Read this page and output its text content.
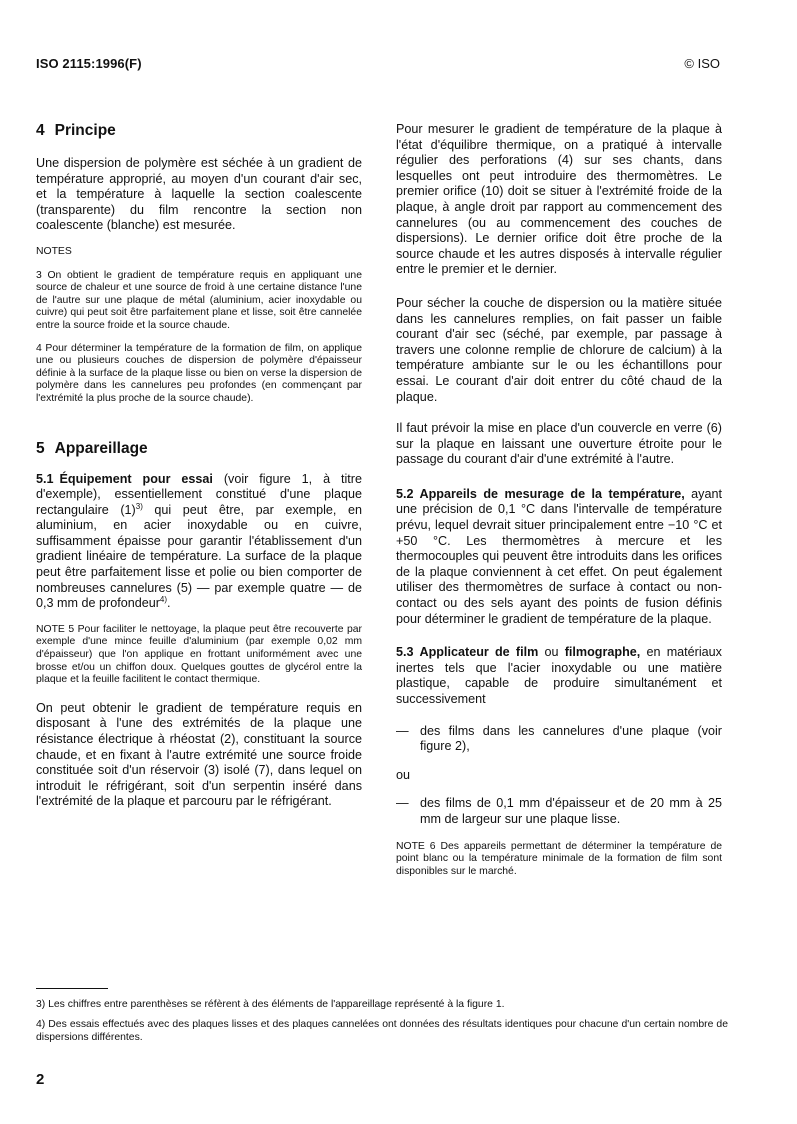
ISO 2115:1996(F)	© ISO
4 Principe

Une dispersion de polymère est séchée à un gradient de température approprié, au moyen d'un courant d'air sec, et la température à laquelle la section coalescente (transparente) du film rencontre la section non coalescente (blanche) est mesurée.

NOTES

3 On obtient le gradient de température requis en appliquant une source de chaleur et une source de froid à une certaine distance l'une de l'autre sur une plaque de métal (aluminium, acier inoxydable ou cuivre) qui peut soit être parfaitement plane et lisse, soit être cannelée entre la source froide et la source chaude.

4 Pour déterminer la température de la formation de film, on applique une ou plusieurs couches de dispersion de polymère d'épaisseur définie à la surface de la plaque lisse ou bien on verse la dispersion de polymère dans les cannelures peu profondes (en commençant par l'extrémité la plus proche de la source chaude).

5 Appareillage

5.1 Équipement pour essai (voir figure 1, à titre d'exemple), essentiellement constitué d'une plaque rectangulaire $(1)^{3)}$ qui peut être, par exemple, en aluminium, en acier inoxydable ou en cuivre, suffisamment épaisse pour garantir l'établissement d'un gradient linéaire de température. La surface de la plaque peut être parfaitement lisse et polie ou bien comporter de nombreuses cannelures (5) — par exemple quatre — de 0,3 mm de profondeur$^{4)}$.

NOTE 5 Pour faciliter le nettoyage, la plaque peut être recouverte par exemple d'une mince feuille d'aluminium (par exemple 0,02 mm d'épaisseur) que l'on applique en frottant uniformément avec une brosse et/ou un chiffon doux. Quelques gouttes de glycérol entre la plaque et la feuille facilitent le contact thermique.

On peut obtenir le gradient de température requis en disposant à l'une des extrémités de la plaque une résistance électrique à rhéostat (2), constituant la source chaude, et en fixant à l'autre extrémité une source froide constituée soit d'un réservoir (3) isolé (7), dans lequel on introduit le réfrigérant, soit d'un serpentin inséré dans l'extrémité de la plaque et parcouru par le réfrigérant.

Pour mesurer le gradient de température de la plaque à l'état d'équilibre thermique, on a pratiqué à intervalle régulier des perforations (4) sur ses chants, dans lesquelles ont peut introduire des thermomètres. Le premier orifice (10) doit se situer à l'extrémité froide de la plaque, à angle droit par rapport au commencement des cannelures (ou au commencement des couches de dispersions). Le dernier orifice doit être proche de la source chaude et les autres disposés à intervalle régulier entre le premier et le dernier.

Pour sécher la couche de dispersion ou la matière située dans les cannelures remplies, on fait passer un faible courant d'air sec (séché, par exemple, par passage à travers une colonne remplie de chlorure de calcium) à la température ambiante sur le ou les échantillons pour essai. Le courant d'air doit entrer du côté chaud de la plaque.

Il faut prévoir la mise en place d'un couvercle en verre (6) sur la plaque en laissant une ouverture étroite pour le passage du courant d'air d'une extrémité à l'autre.

5.2 Appareils de mesurage de la température, ayant une précision de 0,1 °C dans l'intervalle de température prévu, lequel devrait situer principalement entre −10 °C et +50 °C. Les thermomètres à mercure et les thermocouples qui peuvent être introduits dans les orifices de la plaque conviennent à cet effet. On peut également utiliser des thermomètres de surface à contact ou non-contact ou des sels ayant des points de fusion définis pour déterminer le gradient de température de la plaque.

5.3 Applicateur de film ou filmographe, en matériaux inertes tels que l'acier inoxydable ou une matière plastique, capable de produire simultanément et successivement

— des films dans les cannelures d'une plaque (voir figure 2),

ou

— des films de 0,1 mm d'épaisseur et de 20 mm à 25 mm de largeur sur une plaque lisse.

NOTE 6 Des appareils permettant de déterminer la température de point blanc ou la température minimale de la formation de film sont disponibles sur le marché.

3) Les chiffres entre parenthèses se réfèrent à des éléments de l'appareillage représenté à la figure 1.

4) Des essais effectués avec des plaques lisses et des plaques cannelées ont données des résultats identiques pour chacune d'un certain nombre de dispersions différentes.

2
